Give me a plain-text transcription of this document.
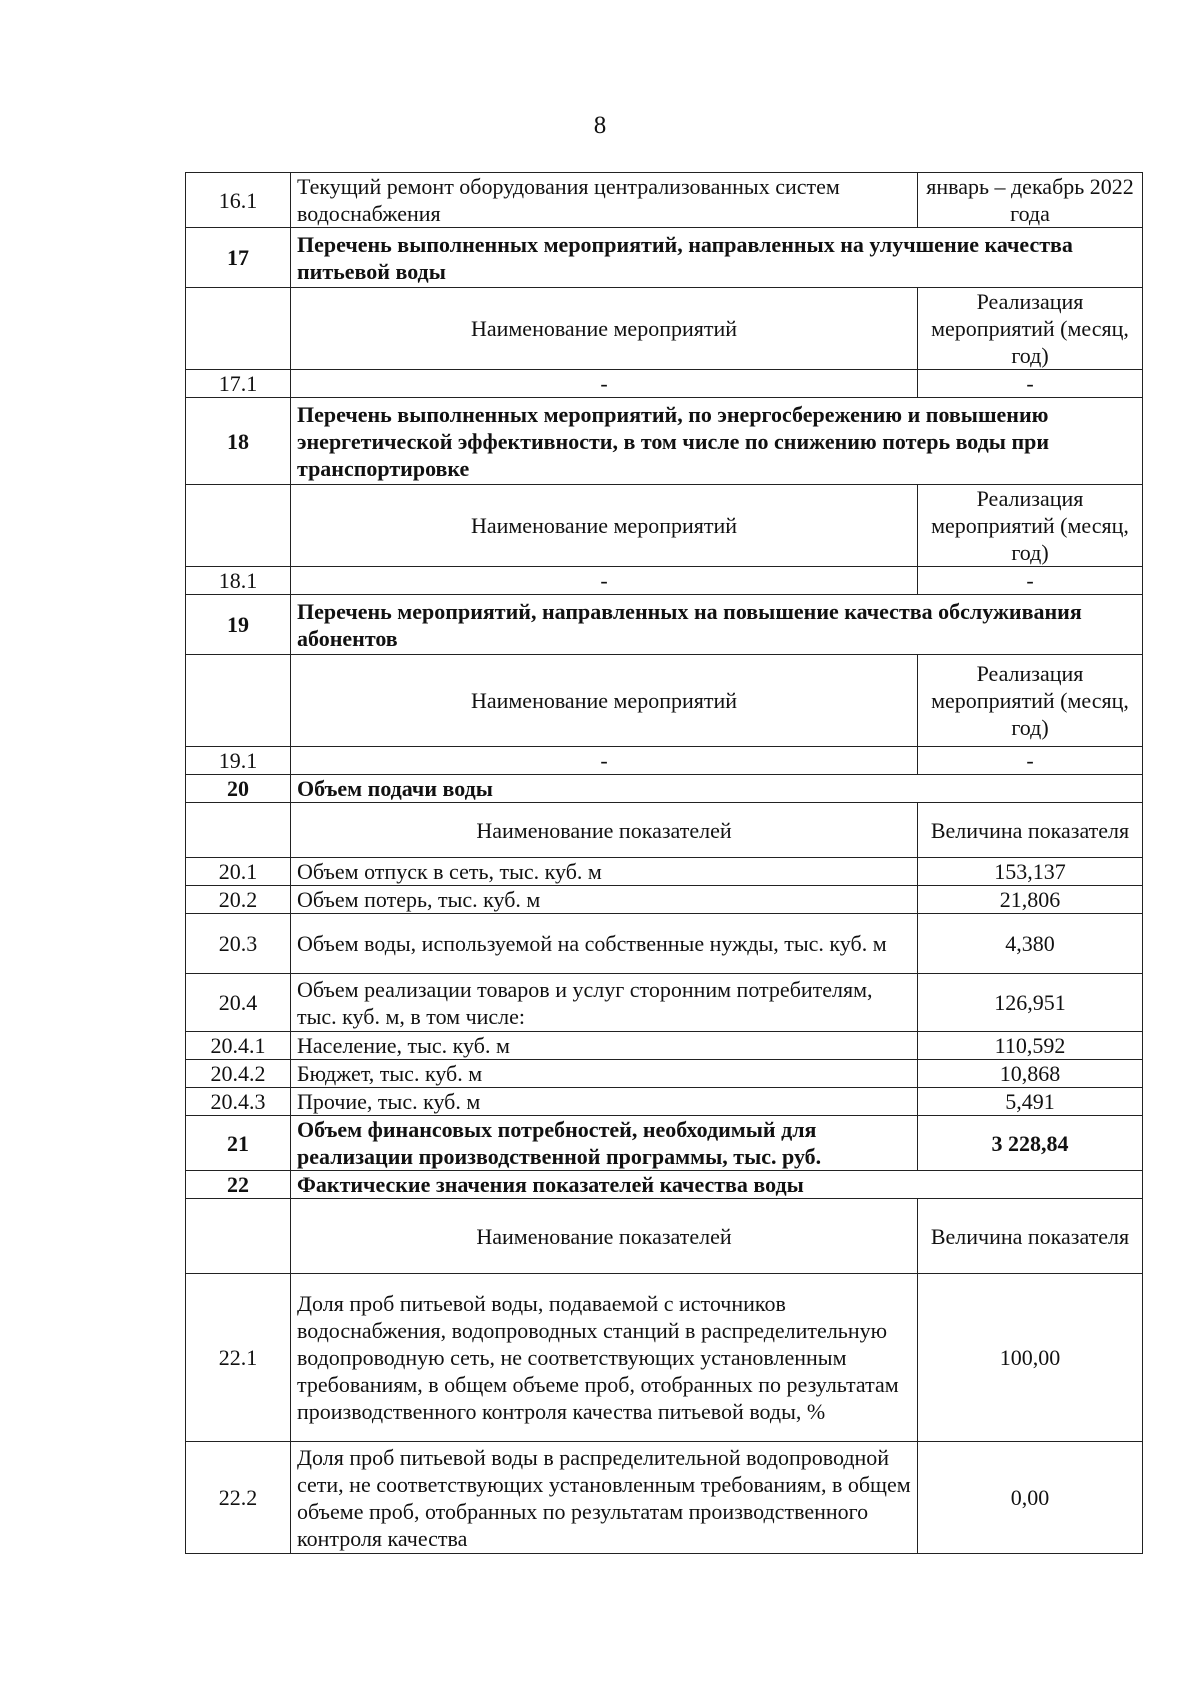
8
16.1	Текущий ремонт оборудования централизованных систем водоснабжения	январь – декабрь 2022 года
17	Перечень выполненных мероприятий, направленных на улучшение качества питьевой воды	
	Наименование мероприятий	Реализация мероприятий (месяц, год)
17.1	-	-
18	Перечень выполненных мероприятий, по энергосбережению и повышению энергетической эффективности, в том числе по снижению потерь воды при транспортировке	
	Наименование мероприятий	Реализация мероприятий (месяц, год)
18.1	-	-
19	Перечень мероприятий, направленных на повышение качества обслуживания абонентов	
	Наименование мероприятий	Реализация мероприятий (месяц, год)
19.1	-	-
20	Объем подачи воды	
	Наименование показателей	Величина показателя
20.1	Объем отпуск в сеть, тыс. куб. м	153,137
20.2	Объем потерь, тыс. куб. м	21,806
20.3	Объем воды, используемой на собственные нужды, тыс. куб. м	4,380
20.4	Объем реализации товаров и услуг сторонним потребителям, тыс. куб. м, в том числе:	126,951
20.4.1	Население, тыс. куб. м	110,592
20.4.2	Бюджет, тыс. куб. м	10,868
20.4.3	Прочие, тыс. куб. м	5,491
21	Объем финансовых потребностей, необходимый для реализации производственной программы, тыс. руб.	3 228,84
22	Фактические значения показателей качества воды	
	Наименование показателей	Величина показателя
22.1	Доля проб питьевой воды, подаваемой с источников водоснабжения, водопроводных станций в распределительную водопроводную сеть, не соответствующих установленным требованиям, в общем объеме проб, отобранных по результатам производственного контроля качества питьевой воды, %	100,00
22.2	Доля проб питьевой воды в распределительной водопроводной сети, не соответствующих установленным требованиям, в общем объеме проб, отобранных по результатам производственного контроля качества	0,00
